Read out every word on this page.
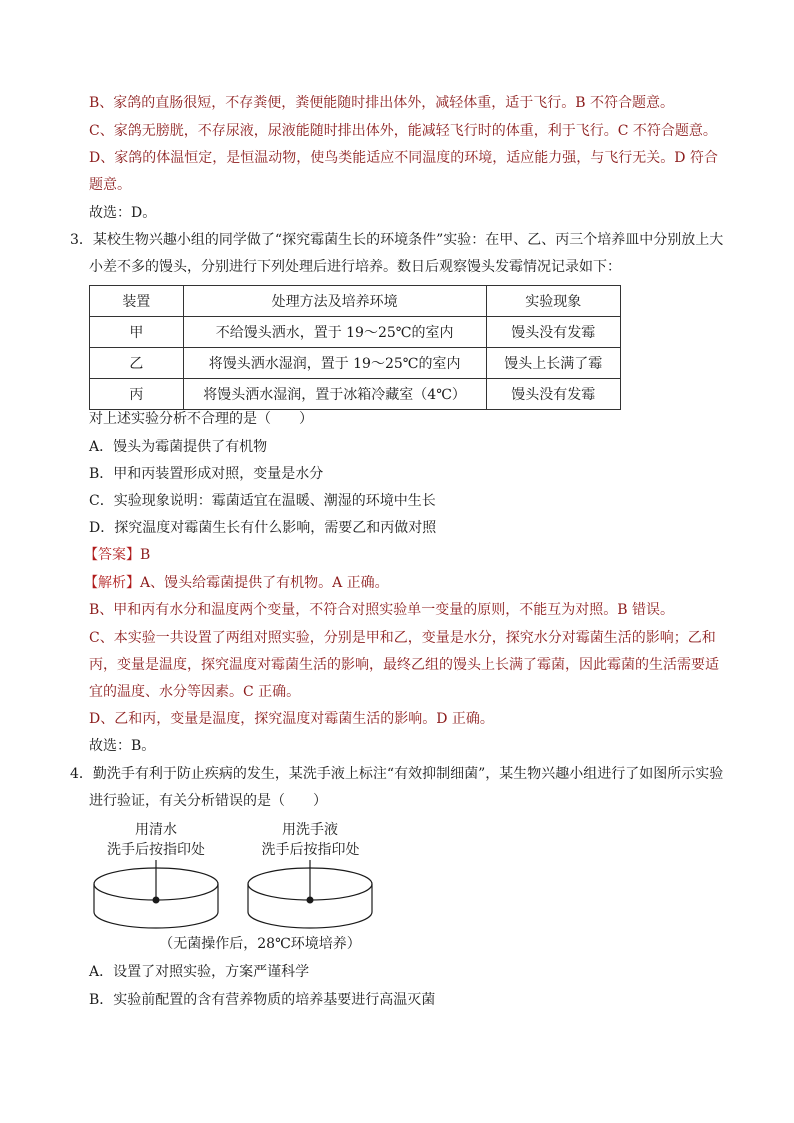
B、家鸽的直肠很短，不存粪便，粪便能随时排出体外，减轻体重，适于飞行。B 不符合题意。
C、家鸽无膀胱，不存尿液，尿液能随时排出体外，能减轻飞行时的体重，利于飞行。C 不符合题意。
D、家鸽的体温恒定，是恒温动物，使鸟类能适应不同温度的环境，适应能力强，与飞行无关。D 符合
题意。
故选：D。
3．某校生物兴趣小组的同学做了“探究霉菌生长的环境条件”实验：在甲、乙、丙三个培养皿中分别放上大
小差不多的馒头，分别进行下列处理后进行培养。数日后观察馒头发霉情况记录如下：
装置	处理方法及培养环境	实验现象
甲	不给馒头洒水，置于 19～25℃的室内	馒头没有发霉
乙	将馒头洒水湿润，置于 19～25℃的室内	馒头上长满了霉
丙	将馒头洒水湿润，置于冰箱冷藏室（4℃）	馒头没有发霉
对上述实验分析不合理的是（　　）
A．馒头为霉菌提供了有机物
B．甲和丙装置形成对照，变量是水分
C．实验现象说明：霉菌适宜在温暖、潮湿的环境中生长
D．探究温度对霉菌生长有什么影响，需要乙和丙做对照
【答案】B
【解析】A、馒头给霉菌提供了有机物。A 正确。
B、甲和丙有水分和温度两个变量，不符合对照实验单一变量的原则，不能互为对照。B 错误。
C、本实验一共设置了两组对照实验，分别是甲和乙，变量是水分，探究水分对霉菌生活的影响；乙和
丙，变量是温度，探究温度对霉菌生活的影响，最终乙组的馒头上长满了霉菌，因此霉菌的生活需要适
宜的温度、水分等因素。C 正确。
D、乙和丙，变量是温度，探究温度对霉菌生活的影响。D 正确。
故选：B。
4．勤洗手有利于防止疾病的发生，某洗手液上标注“有效抑制细菌”，某生物兴趣小组进行了如图所示实验
进行验证，有关分析错误的是（　　）
用清水
洗手后按指印处
用洗手液
洗手后按指印处
（无菌操作后，28℃环境培养）
A．设置了对照实验，方案严谨科学
B．实验前配置的含有营养物质的培养基要进行高温灭菌
